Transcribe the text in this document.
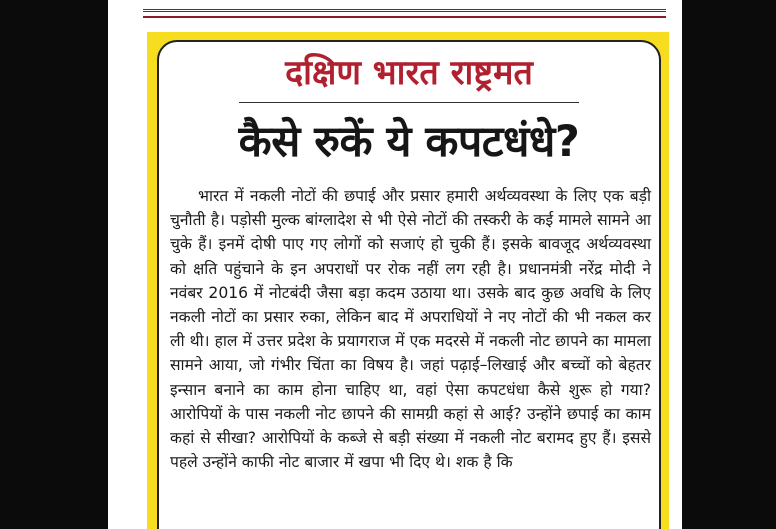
दक्षिण भारत राष्ट्रमत
कैसे रुकें ये कपटधंधे?
भारत में नकली नोटों की छपाई और प्रसार हमारी अर्थव्यवस्था के लिए एक बड़ी चुनौती है। पड़ोसी मुल्क बांग्लादेश से भी ऐसे नोटों की तस्करी के कई मामले सामने आ चुके हैं। इनमें दोषी पाए गए लोगों को सजाएं हो चुकी हैं। इसके बावजूद अर्थव्यवस्था को क्षति पहुंचाने के इन अपराधों पर रोक नहीं लग रही है। प्रधानमंत्री नरेंद्र मोदी ने नवंबर 2016 में नोटबंदी जैसा बड़ा कदम उठाया था। उसके बाद कुछ अवधि के लिए नकली नोटों का प्रसार रुका, लेकिन बाद में अपराधियों ने नए नोटों की भी नकल कर ली थी। हाल में उत्तर प्रदेश के प्रयागराज में एक मदरसे में नकली नोट छापने का मामला सामने आया, जो गंभीर चिंता का विषय है। जहां पढ़ाई–लिखाई और बच्चों को बेहतर इन्सान बनाने का काम होना चाहिए था, वहां ऐसा कपटधंधा कैसे शुरू हो गया? आरोपियों के पास नकली नोट छापने की सामग्री कहां से आई? उन्होंने छपाई का काम कहां से सीखा? आरोपियों के कब्जे से बड़ी संख्या में नकली नोट बरामद हुए हैं। इससे पहले उन्होंने काफी नोट बाजार में खपा भी दिए थे। शक है कि
